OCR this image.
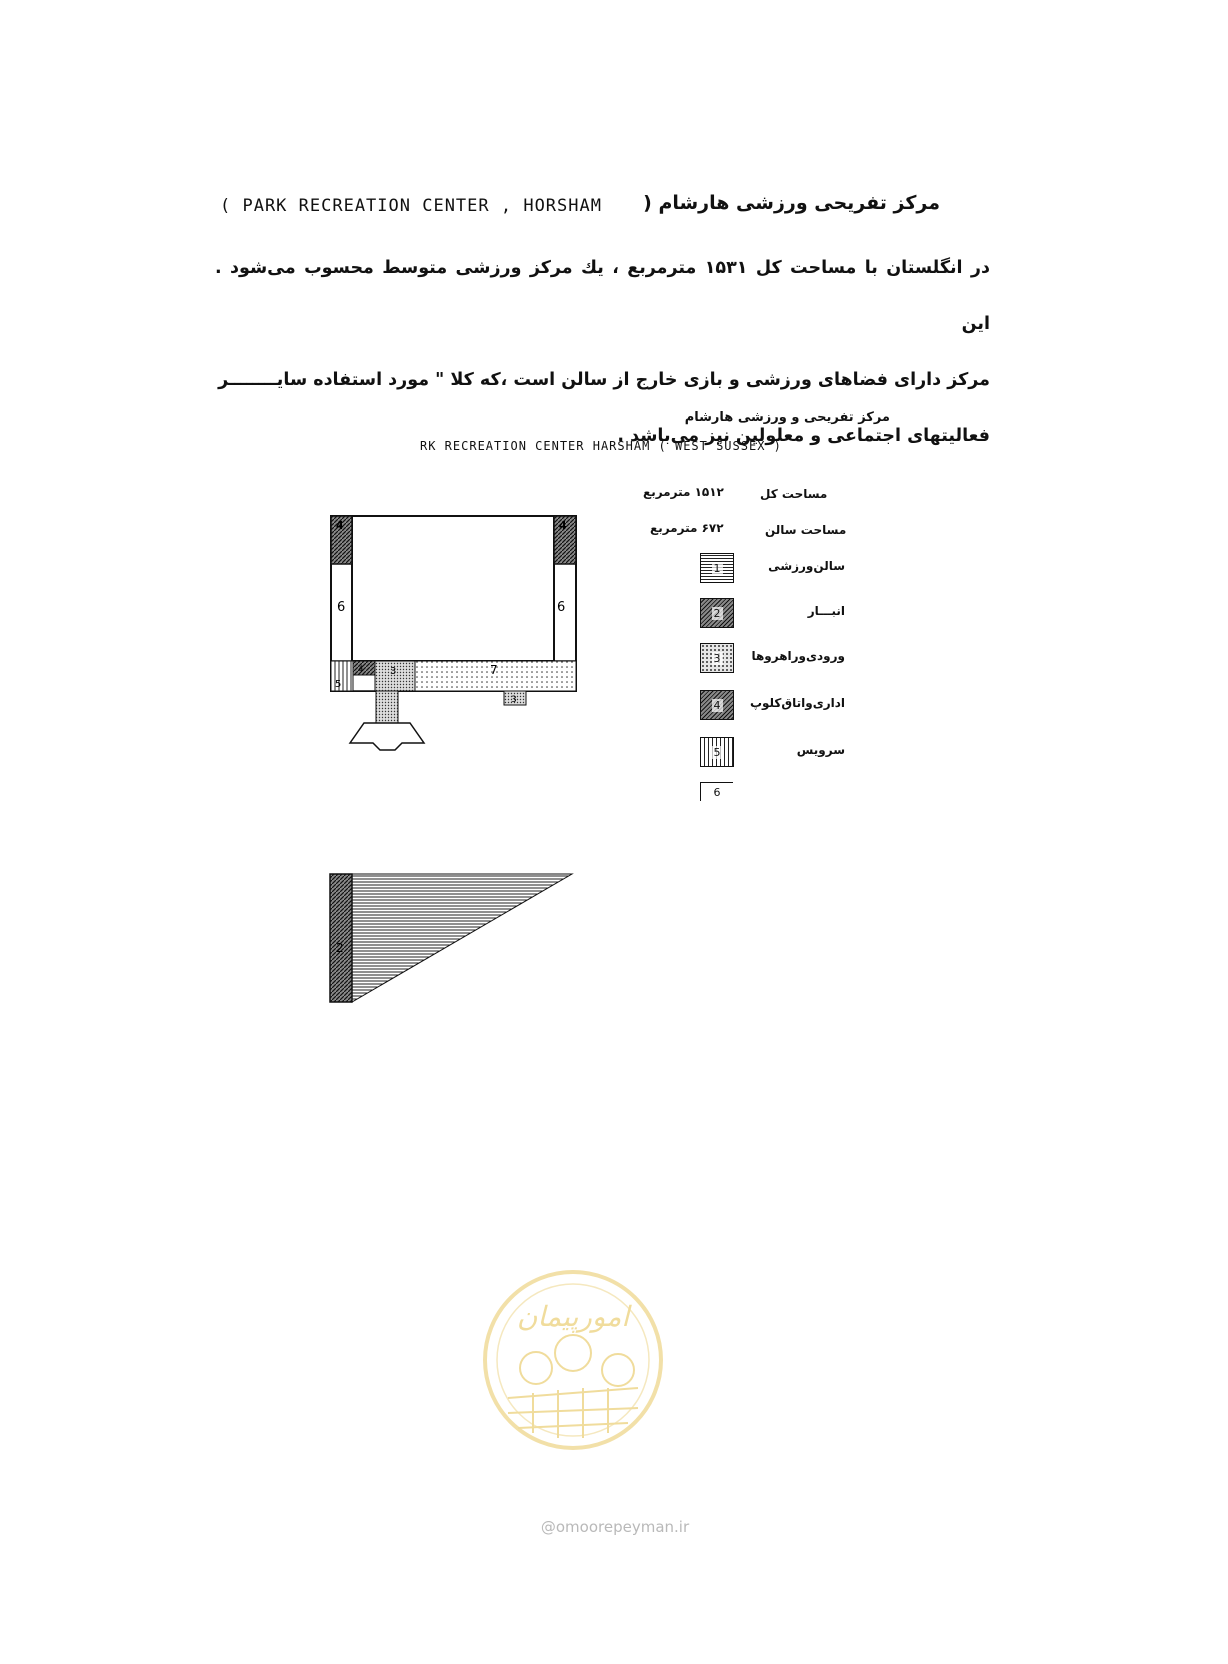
مرکز تفریحی ورزشی هارشام (
( PARK RECREATION CENTER , HORSHAM

در انگلستان با مساحت کل ۱۵۳۱ مترمربع ، یك مرکز ورزشی متوسط محسوب می‌شود . این

مرکز دارای فضاهای ورزشی و بازی خارج از سالن است ،که کلا " مورد استفاده سایــــــــر

فعالیتهای اجتماعی و معلولین نیز می‌باشد .

مرکز تفریحی و ورزشی هارشام
RK RECREATION CENTER HARSHAM ( WEST SUSSEX )
مساحت کل
۱۵۱۲ مترمربع
مساحت سالن
۶۷۲ مترمربع
4	4
6	6
5
4	3	7
3
1	سالن‌ورزشی
2	انبـــار
3	ورودی‌وراهروها
4	اداری‌واتاق‌کلوپ
5	سرویس
6
2
امورپیمان
@omoorepeyman.ir
